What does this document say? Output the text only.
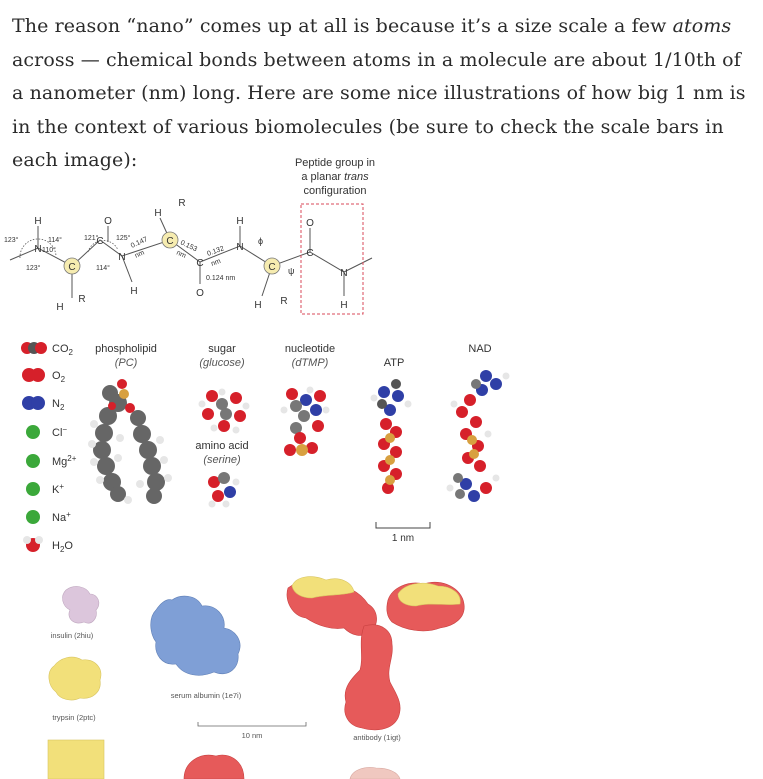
The reason “nano” comes up at all is because it’s a size scale a few atoms across — chemical bonds between atoms in a molecule are about 1/10th of a nanometer (nm) long. Here are some nice illustrations of how big 1 nm is in the context of various biomolecules (be sure to check the scale bars in each image):

H
N
C
H
R
O
C
N
H
H
R
C
C
O
H
N
C
H R
O
C
N
H
123°	114°
110°
123°
121°	125°
114°
0.147
nm
0.153
nm	0.132
nm
0.124 nm
ϕ
ψ
Peptide group in
a planar trans
configuration
$CO_2$
$O_2$
$N_2$
Cl−
$Mg^{2+}$
K+
Na+
$H_2O$
phospholipid
(PC)
sugar
(glucose)
amino acid
(serine)
nucleotide
(dTMP)	ATP
NAD
1 nm
insulin (2hiu)
trypsin (2ptc)
serum albumin (1e7i)
10 nm	antibody (1igt)
